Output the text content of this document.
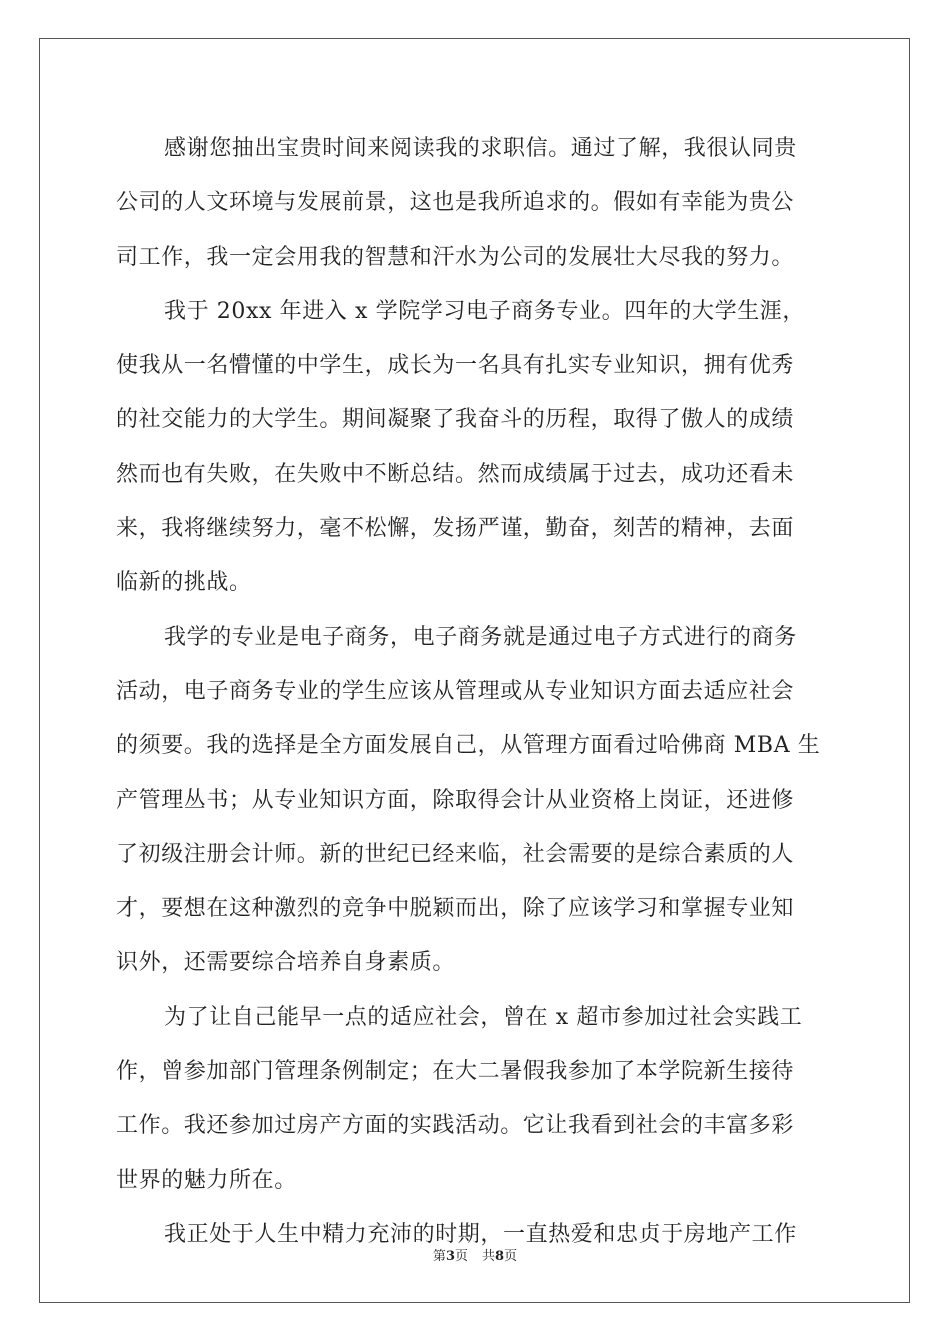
感谢您抽出宝贵时间来阅读我的求职信。通过了解，我很认同贵
公司的人文环境与发展前景，这也是我所追求的。假如有幸能为贵公
司工作，我一定会用我的智慧和汗水为公司的发展壮大尽我的努力。
我于 20xx 年进入 x 学院学习电子商务专业。四年的大学生涯，
使我从一名懵懂的中学生，成长为一名具有扎实专业知识，拥有优秀
的社交能力的大学生。期间凝聚了我奋斗的历程，取得了傲人的成绩
然而也有失败，在失败中不断总结。然而成绩属于过去，成功还看未
来，我将继续努力，毫不松懈，发扬严谨，勤奋，刻苦的精神，去面
临新的挑战。
我学的专业是电子商务，电子商务就是通过电子方式进行的商务
活动，电子商务专业的学生应该从管理或从专业知识方面去适应社会
的须要。我的选择是全方面发展自己，从管理方面看过哈佛商 MBA 生
产管理丛书；从专业知识方面，除取得会计从业资格上岗证，还进修
了初级注册会计师。新的世纪已经来临，社会需要的是综合素质的人
才，要想在这种激烈的竞争中脱颖而出，除了应该学习和掌握专业知
识外，还需要综合培养自身素质。
为了让自己能早一点的适应社会，曾在 x 超市参加过社会实践工
作，曾参加部门管理条例制定；在大二暑假我参加了本学院新生接待
工作。我还参加过房产方面的实践活动。它让我看到社会的丰富多彩
世界的魅力所在。
我正处于人生中精力充沛的时期，一直热爱和忠贞于房地产工作
第3页 共8页
